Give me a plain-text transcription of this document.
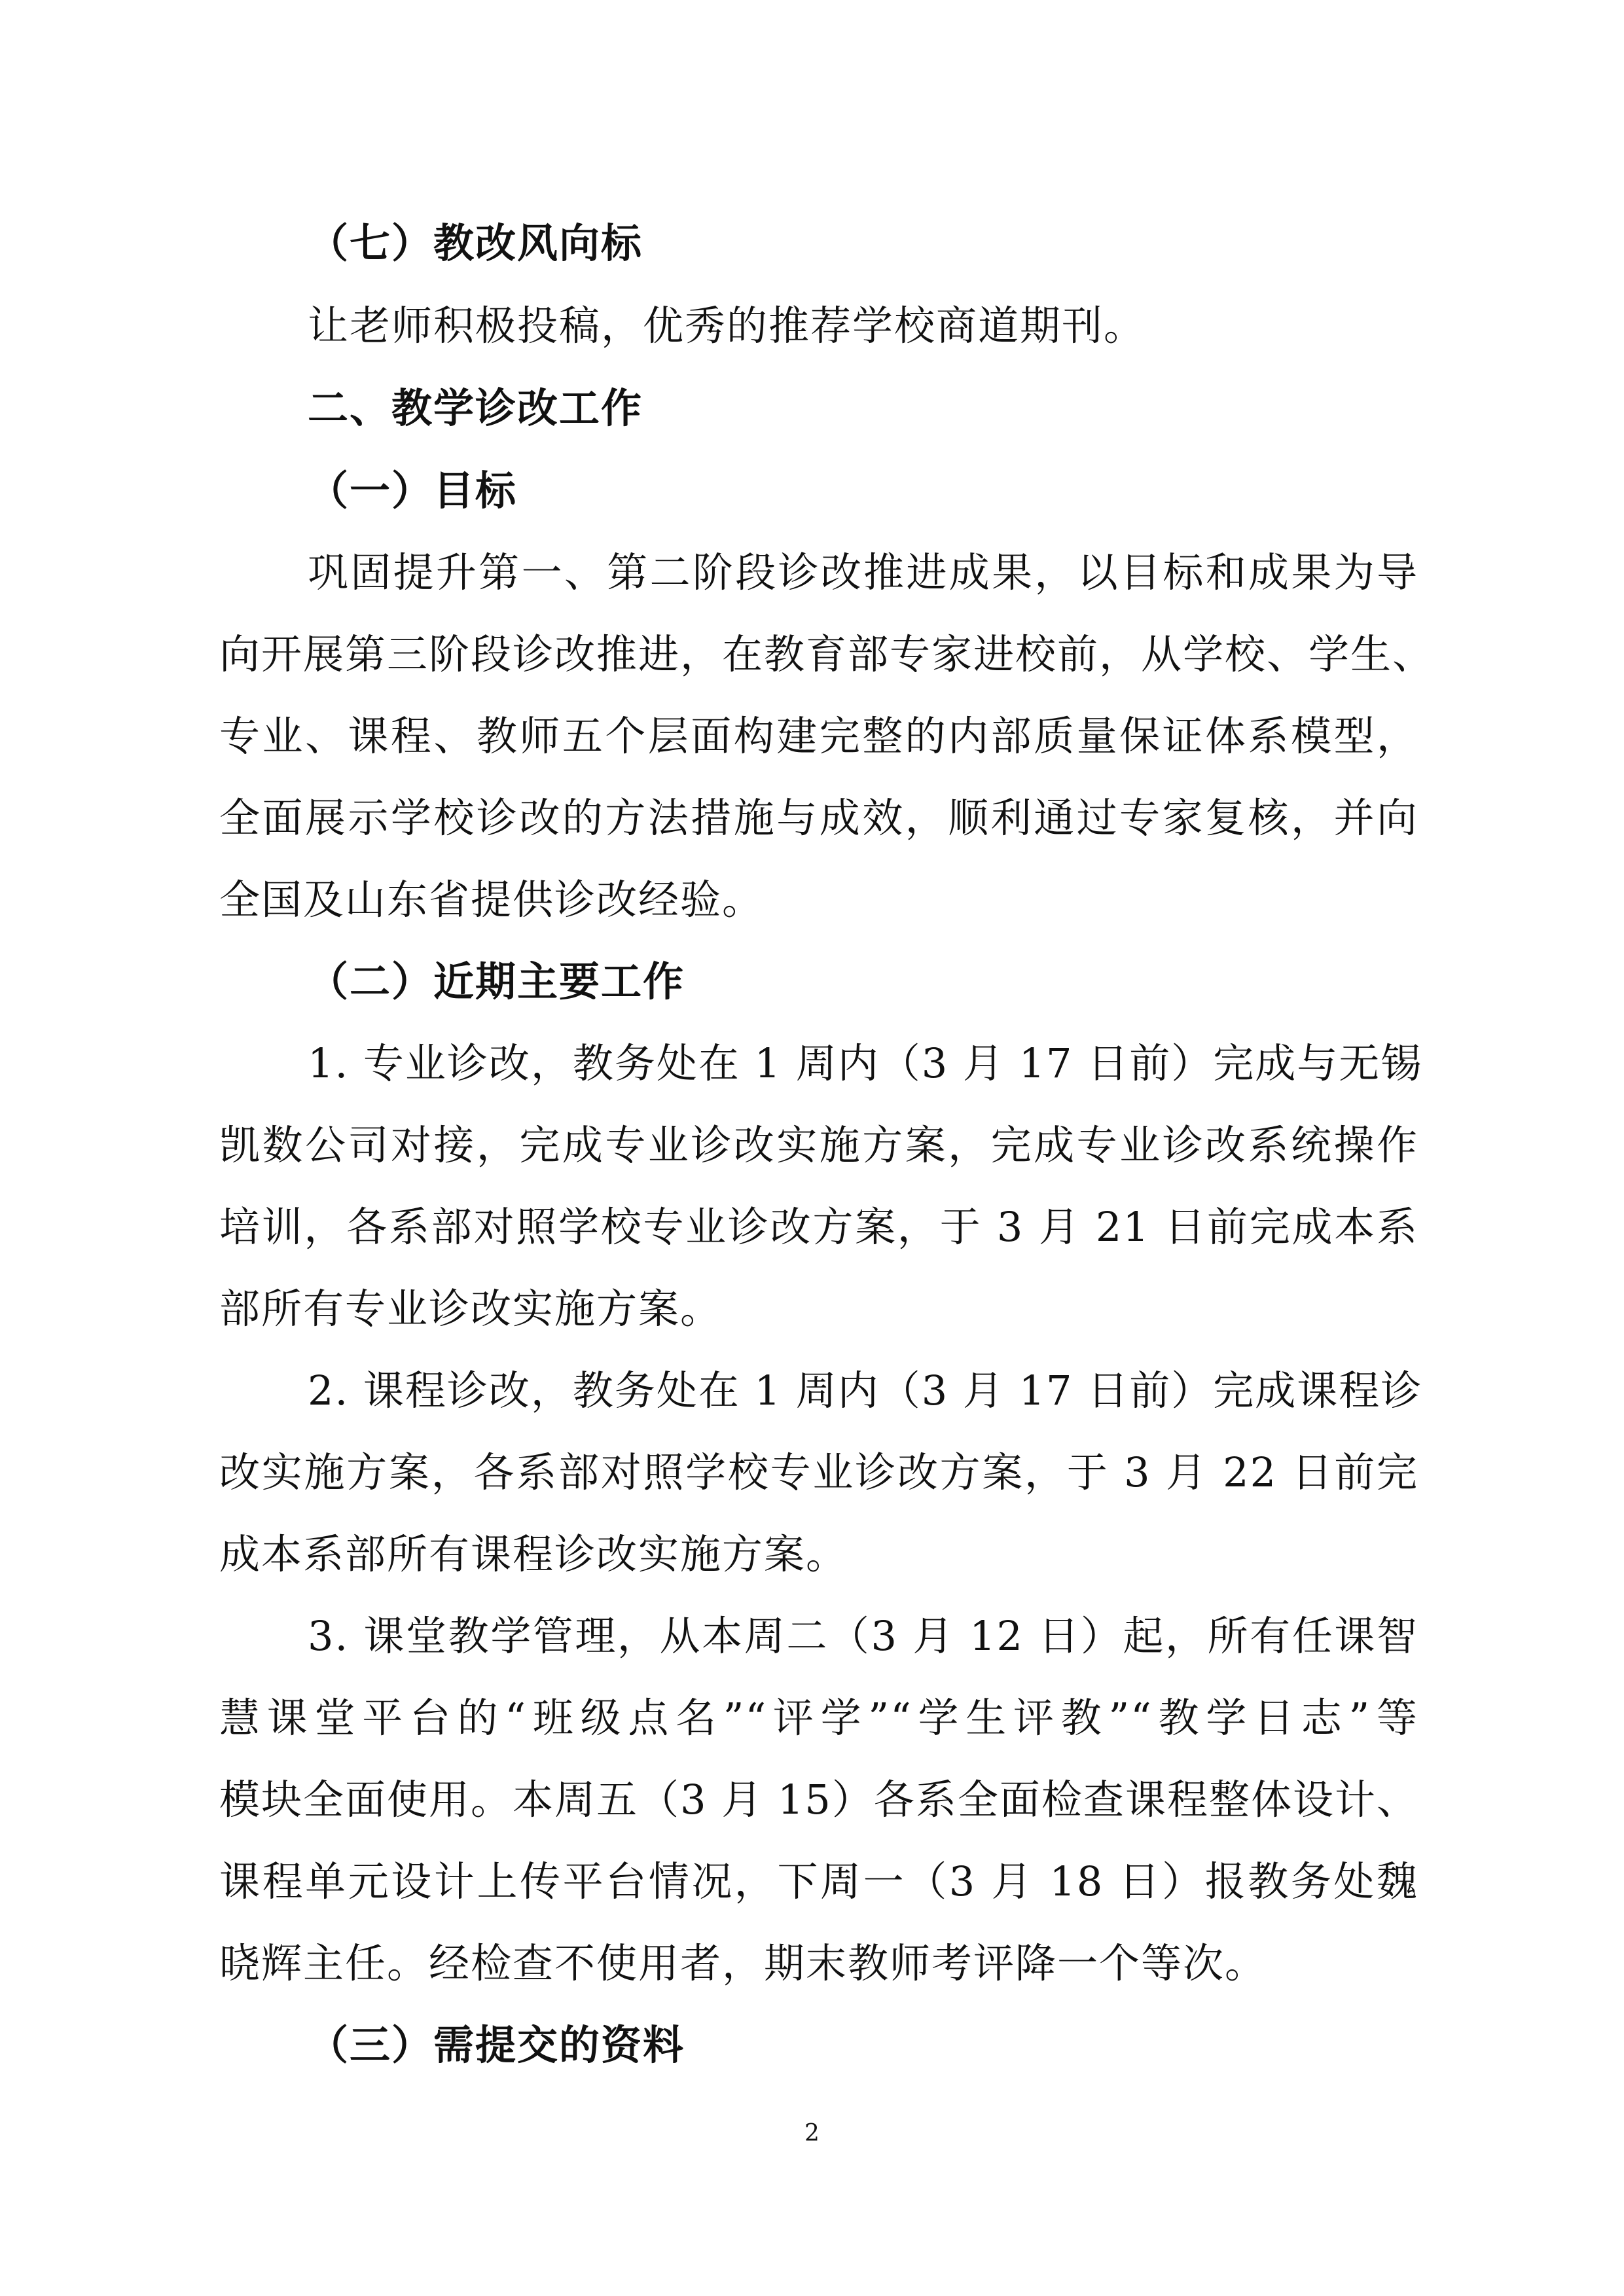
（七）教改风向标
让老师积极投稿，优秀的推荐学校商道期刊。
二、教学诊改工作
（一）目标
巩固提升第一、第二阶段诊改推进成果，以目标和成果为导
向开展第三阶段诊改推进，在教育部专家进校前，从学校、学生、
专业、课程、教师五个层面构建完整的内部质量保证体系模型，
全面展示学校诊改的方法措施与成效，顺利通过专家复核，并向
全国及山东省提供诊改经验。
（二）近期主要工作
1. 专业诊改，教务处在 1 周内（3 月 17 日前）完成与无锡
凯数公司对接，完成专业诊改实施方案，完成专业诊改系统操作
培训，各系部对照学校专业诊改方案，于 3 月 21 日前完成本系
部所有专业诊改实施方案。
2. 课程诊改，教务处在 1 周内（3 月 17 日前）完成课程诊
改实施方案，各系部对照学校专业诊改方案，于 3 月 22 日前完
成本系部所有课程诊改实施方案。
3. 课堂教学管理，从本周二（3 月 12 日）起，所有任课智
慧课堂平台的“班级点名”“评学”“学生评教”“教学日志”等
模块全面使用。本周五（3 月 15）各系全面检查课程整体设计、
课程单元设计上传平台情况，下周一（3 月 18 日）报教务处魏
晓辉主任。经检查不使用者，期末教师考评降一个等次。
（三）需提交的资料
2
